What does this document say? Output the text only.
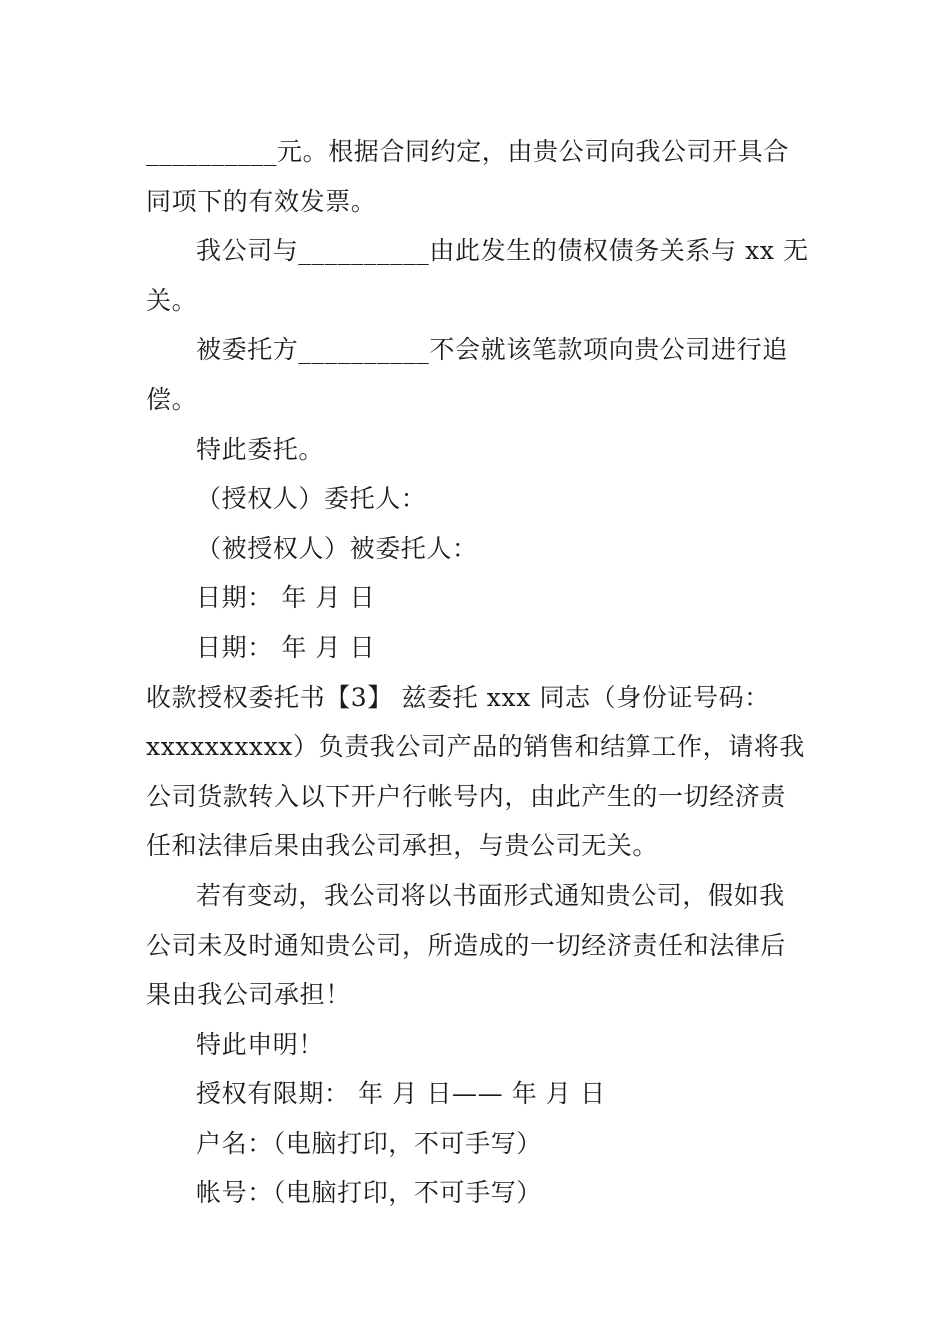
__________元。根据合同约定，由贵公司向我公司开具合

同项下的有效发票。

我公司与__________由此发生的债权债务关系与 xx 无

关。

被委托方__________不会就该笔款项向贵公司进行追

偿。

特此委托。

（授权人）委托人：

（被授权人）被委托人：

日期： 年 月 日

日期： 年 月 日

收款授权委托书【3】 兹委托 xxx 同志（身份证号码：

xxxxxxxxxx）负责我公司产品的销售和结算工作，请将我

公司货款转入以下开户行帐号内，由此产生的一切经济责

任和法律后果由我公司承担，与贵公司无关。

若有变动，我公司将以书面形式通知贵公司，假如我

公司未及时通知贵公司，所造成的一切经济责任和法律后

果由我公司承担！

特此申明！

授权有限期： 年 月 日—— 年 月 日

户名：（电脑打印，不可手写）

帐号：（电脑打印，不可手写）
